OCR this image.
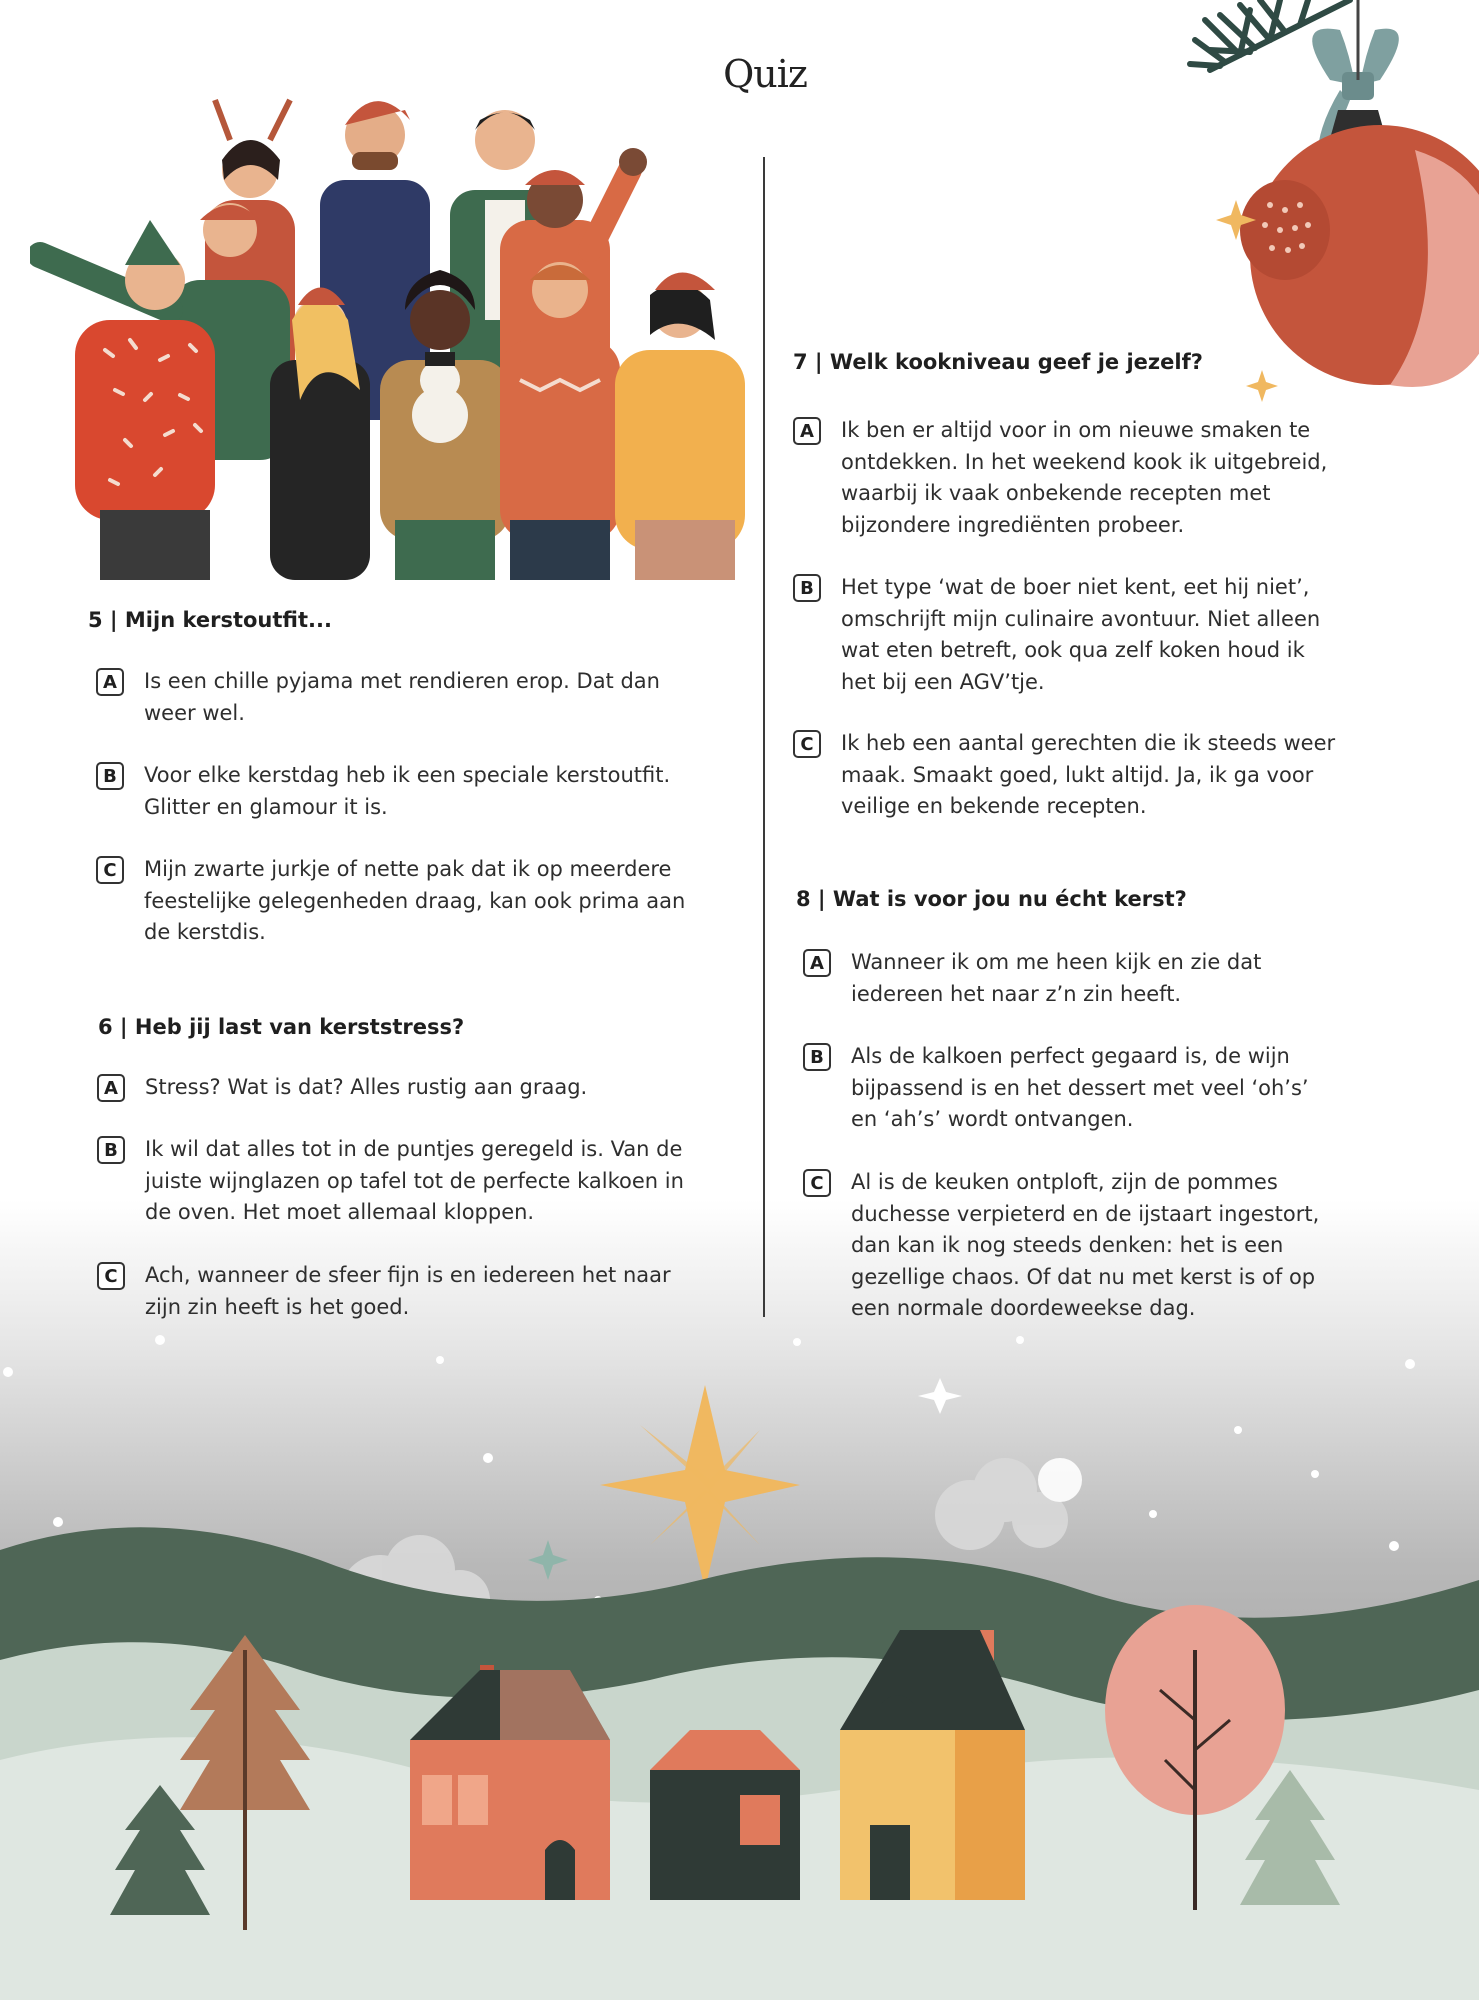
Quiz
5 | Mijn kerstoutfit...
A	Is een chille pyjama met rendieren erop. Dat dan
weer wel.
B	Voor elke kerstdag heb ik een speciale kerstoutfit.
Glitter en glamour it is.
C	Mijn zwarte jurkje of nette pak dat ik op meerdere
feestelijke gelegenheden draag, kan ook prima aan
de kerstdis.
6 | Heb jij last van kerststress?
A	Stress? Wat is dat? Alles rustig aan graag.
B	Ik wil dat alles tot in de puntjes geregeld is. Van de
juiste wijnglazen op tafel tot de perfecte kalkoen in
de oven. Het moet allemaal kloppen.
C	Ach, wanneer de sfeer fijn is en iedereen het naar
zijn zin heeft is het goed.
7 | Welk kookniveau geef je jezelf?
A	Ik ben er altijd voor in om nieuwe smaken te
ontdekken. In het weekend kook ik uitgebreid,
waarbij ik vaak onbekende recepten met
bijzondere ingrediënten probeer.
B	Het type ‘wat de boer niet kent, eet hij niet’,
omschrijft mijn culinaire avontuur. Niet alleen
wat eten betreft, ook qua zelf koken houd ik
het bij een AGV’tje.
C	Ik heb een aantal gerechten die ik steeds weer
maak. Smaakt goed, lukt altijd. Ja, ik ga voor
veilige en bekende recepten.
8 | Wat is voor jou nu écht kerst?
A	Wanneer ik om me heen kijk en zie dat
iedereen het naar z’n zin heeft.
B	Als de kalkoen perfect gegaard is, de wijn
bijpassend is en het dessert met veel ‘oh’s’
en ‘ah’s’ wordt ontvangen.
C	Al is de keuken ontploft, zijn de pommes
duchesse verpieterd en de ijstaart ingestort,
dan kan ik nog steeds denken: het is een
gezellige chaos. Of dat nu met kerst is of op
een normale doordeweekse dag.
